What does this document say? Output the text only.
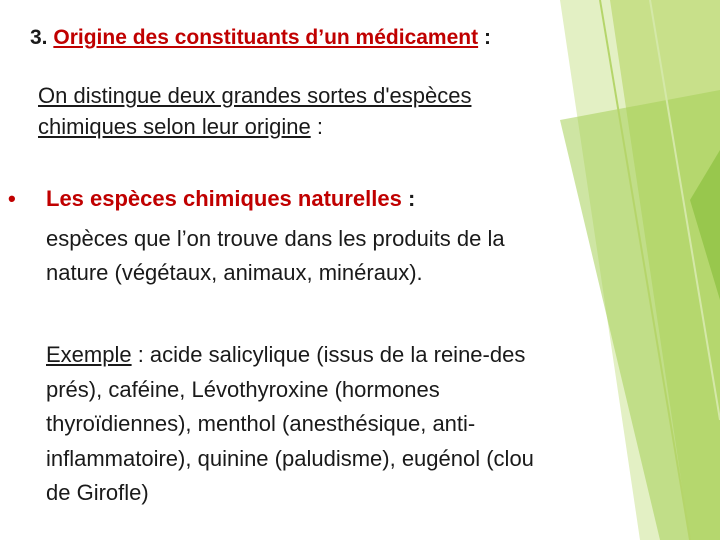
3. Origine des constituants d’un médicament :
On distingue deux grandes sortes d'espèces
chimiques selon leur origine :
• Les espèces chimiques naturelles :
espèces que l’on trouve dans les produits de la
nature (végétaux, animaux, minéraux).
Exemple : acide salicylique (issus de la reine-des
prés), caféine, Lévothyroxine (hormones
thyroïdiennes), menthol (anesthésique, anti-
inflammatoire), quinine (paludisme), eugénol (clou
de Girofle)
